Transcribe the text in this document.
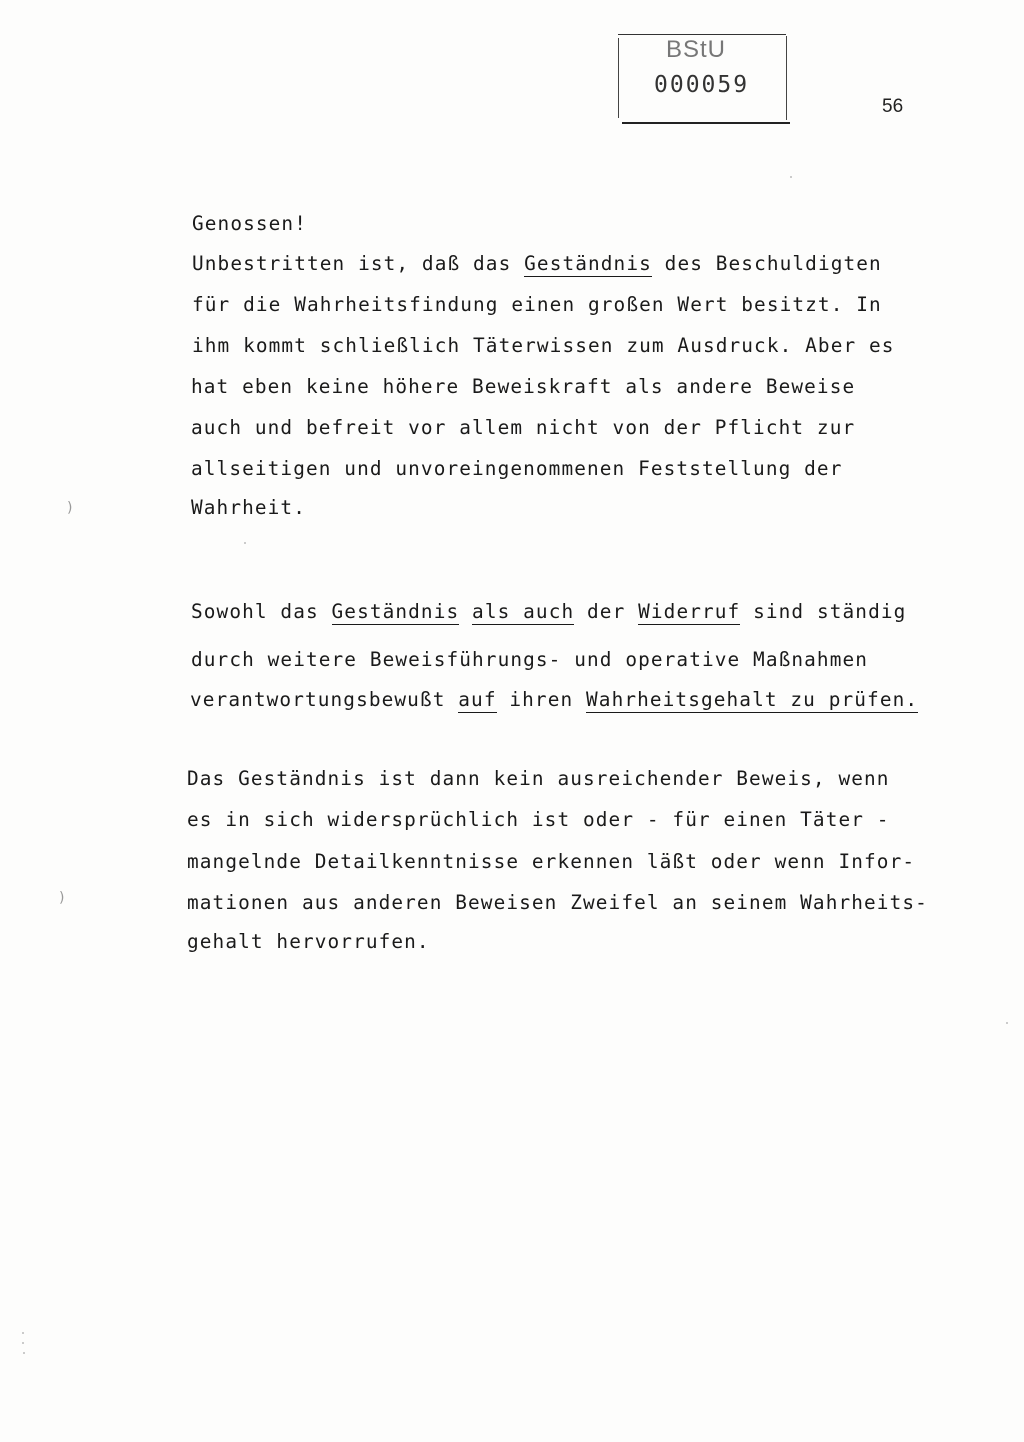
BStU
000059
56
Genossen!
Unbestritten ist, daß das Geständnis des Beschuldigten
für die Wahrheitsfindung einen großen Wert besitzt. In
ihm kommt schließlich Täterwissen zum Ausdruck. Aber es
hat eben keine höhere Beweiskraft als andere Beweise
auch und befreit vor allem nicht von der Pflicht zur
allseitigen und unvoreingenommenen Feststellung der
Wahrheit.
Sowohl das Geständnis als auch der Widerruf sind ständig
durch weitere Beweisführungs- und operative Maßnahmen
verantwortungsbewußt auf ihren Wahrheitsgehalt zu prüfen.
Das Geständnis ist dann kein ausreichender Beweis, wenn
es in sich widersprüchlich ist oder - für einen Täter -
mangelnde Detailkenntnisse erkennen läßt oder wenn Infor-
mationen aus anderen Beweisen Zweifel an seinem Wahrheits-
gehalt hervorrufen.
)
)
